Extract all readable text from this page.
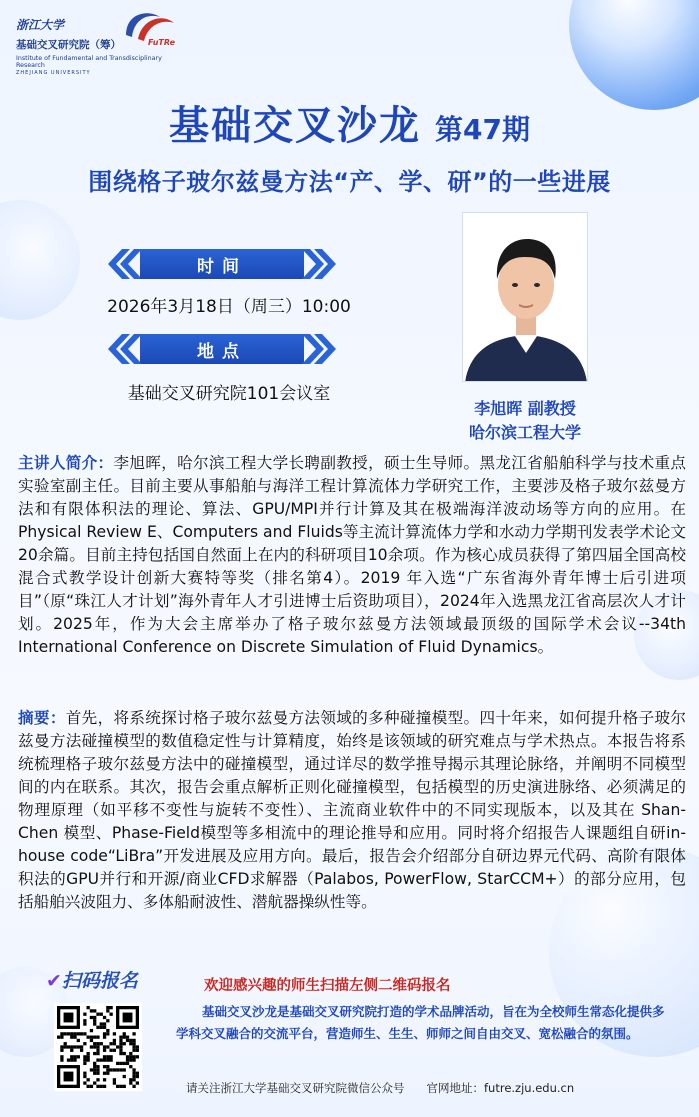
浙江大学
基础交叉研究院（筹）
Institute of Fundamental and Transdisciplinary Research
ZHEJIANG UNIVERSITY
FuTRe
基础交叉沙龙 第47期
围绕格子玻尔兹曼方法“产、学、研”的一些进展
时间
2026年3月18日（周三）10:00
地点
基础交叉研究院101会议室
李旭晖 副教授
哈尔滨工程大学
主讲人简介：李旭晖，哈尔滨工程大学长聘副教授，硕士生导师。黑龙江省船舶科学与技术重点实验室副主任。目前主要从事船舶与海洋工程计算流体力学研究工作，主要涉及格子玻尔兹曼方法和有限体积法的理论、算法、GPU/MPI并行计算及其在极端海洋波动场等方向的应用。在Physical Review E、Computers and Fluids等主流计算流体力学和水动力学期刊发表学术论文20余篇。目前主持包括国自然面上在内的科研项目10余项。作为核心成员获得了第四届全国高校混合式教学设计创新大赛特等奖（排名第4）。2019 年入选“广东省海外青年博士后引进项目”（原“珠江人才计划”海外青年人才引进博士后资助项目），2024年入选黑龙江省高层次人才计划。2025年，作为大会主席举办了格子玻尔兹曼方法领域最顶级的国际学术会议--34th International Conference on Discrete Simulation of Fluid Dynamics。
摘要：首先，将系统探讨格子玻尔兹曼方法领域的多种碰撞模型。四十年来，如何提升格子玻尔兹曼方法碰撞模型的数值稳定性与计算精度，始终是该领域的研究难点与学术热点。本报告将系统梳理格子玻尔兹曼方法中的碰撞模型，通过详尽的数学推导揭示其理论脉络，并阐明不同模型间的内在联系。其次，报告会重点解析正则化碰撞模型，包括模型的历史演进脉络、必须满足的物理原理（如平移不变性与旋转不变性）、主流商业软件中的不同实现版本，以及其在 Shan-Chen 模型、Phase-Field模型等多相流中的理论推导和应用。同时将介绍报告人课题组自研in-house code“LiBra”开发进展及应用方向。最后，报告会介绍部分自研边界元代码、高阶有限体积法的GPU并行和开源/商业CFD求解器（Palabos, PowerFlow, StarCCM+）的部分应用，包括船舶兴波阻力、多体船耐波性、潜航器操纵性等。
✔扫码报名	欢迎感兴趣的师生扫描左侧二维码报名
基础交叉沙龙是基础交叉研究院打造的学术品牌活动，旨在为全校师生常态化提供多学科交叉融合的交流平台，营造师生、生生、师师之间自由交叉、宽松融合的氛围。
请关注浙江大学基础交叉研究院微信公众号 官网地址：futre.zju.edu.cn
